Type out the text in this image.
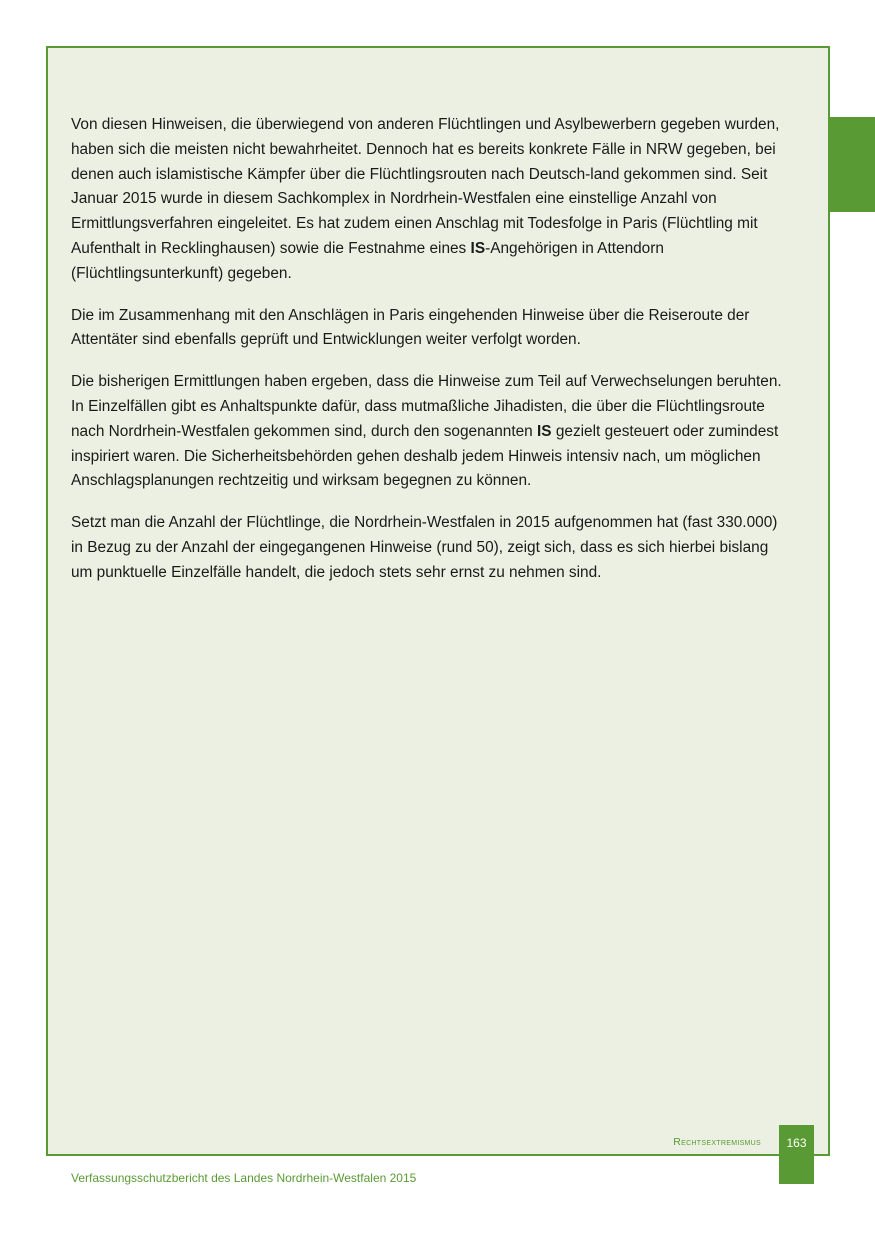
Von diesen Hinweisen, die überwiegend von anderen Flüchtlingen und Asylbewerbern gegeben wurden, haben sich die meisten nicht bewahrheitet. Dennoch hat es bereits konkrete Fälle in NRW gegeben, bei denen auch islamistische Kämpfer über die Flüchtlingsrouten nach Deutsch-land gekommen sind. Seit Januar 2015 wurde in diesem Sachkomplex in Nordrhein-Westfalen eine einstellige Anzahl von Ermittlungsverfahren eingeleitet. Es hat zudem einen Anschlag mit Todesfolge in Paris (Flüchtling mit Aufenthalt in Recklinghausen) sowie die Festnahme eines IS-Angehörigen in Attendorn (Flüchtlingsunterkunft) gegeben.

Die im Zusammenhang mit den Anschlägen in Paris eingehenden Hinweise über die Reiseroute der Attentäter sind ebenfalls geprüft und Entwicklungen weiter verfolgt worden.

Die bisherigen Ermittlungen haben ergeben, dass die Hinweise zum Teil auf Verwechselungen beruhten. In Einzelfällen gibt es Anhaltspunkte dafür, dass mutmaßliche Jihadisten, die über die Flüchtlingsroute nach Nordrhein-Westfalen gekommen sind, durch den sogenannten IS gezielt gesteuert oder zumindest inspiriert waren. Die Sicherheitsbehörden gehen deshalb jedem Hinweis intensiv nach, um möglichen Anschlagsplanungen rechtzeitig und wirksam begegnen zu können.

Setzt man die Anzahl der Flüchtlinge, die Nordrhein-Westfalen in 2015 aufgenommen hat (fast 330.000) in Bezug zu der Anzahl der eingegangenen Hinweise (rund 50), zeigt sich, dass es sich hierbei bislang um punktuelle Einzelfälle handelt, die jedoch stets sehr ernst zu nehmen sind.

Rechtsextremismus	163
Verfassungsschutzbericht des Landes Nordrhein-Westfalen 2015
